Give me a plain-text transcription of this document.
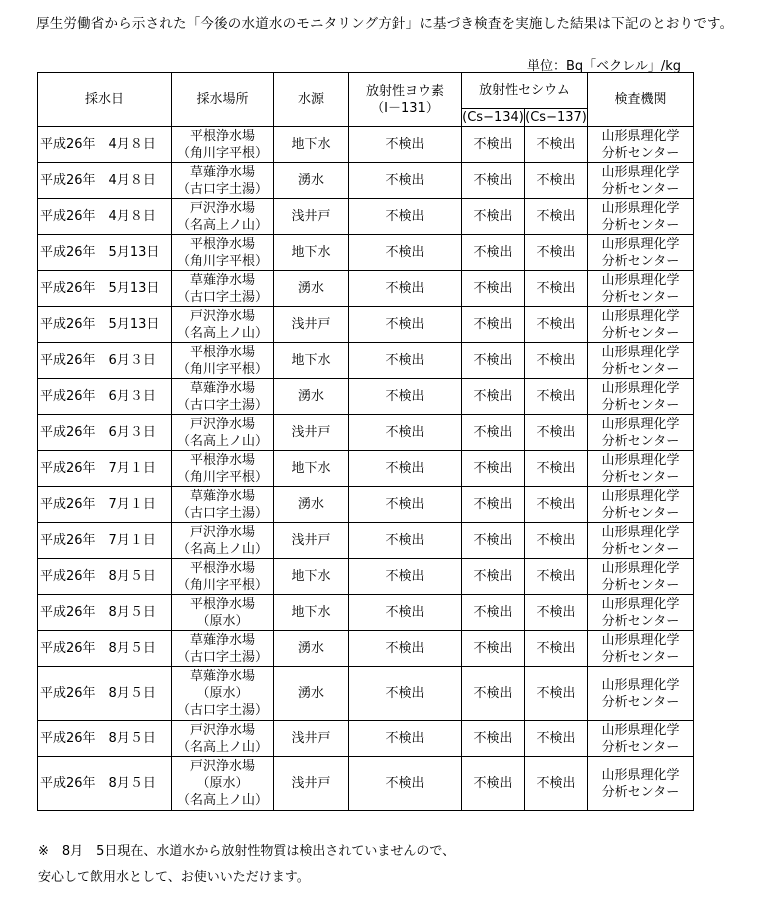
厚生労働省から示された「今後の水道水のモニタリング方針」に基づき検査を実施した結果は下記のとおりです。
単位：Bq「ベクレル」/kg
採水日	採水場所	水源	放射性ヨウ素
（Ⅰ－131）	放射性セシウム		検査機関
				(Cs−134)	(Cs−137)	
平成26年　4月８日	平根浄水場
（角川字平根）	地下水	不検出	不検出	不検出	山形県理化学
分析センター

平成26年　4月８日	草薙浄水場
（古口字土湯）	湧水	不検出	不検出	不検出	山形県理化学
分析センター

平成26年　4月８日	戸沢浄水場
（名高上ノ山）	浅井戸	不検出	不検出	不検出	山形県理化学
分析センター

平成26年　5月13日	平根浄水場
（角川字平根）	地下水	不検出	不検出	不検出	山形県理化学
分析センター

平成26年　5月13日	草薙浄水場
（古口字土湯）	湧水	不検出	不検出	不検出	山形県理化学
分析センター

平成26年　5月13日	戸沢浄水場
（名高上ノ山）	浅井戸	不検出	不検出	不検出	山形県理化学
分析センター

平成26年　6月３日	平根浄水場
（角川字平根）	地下水	不検出	不検出	不検出	山形県理化学
分析センター

平成26年　6月３日	草薙浄水場
（古口字土湯）	湧水	不検出	不検出	不検出	山形県理化学
分析センター

平成26年　6月３日	戸沢浄水場
（名高上ノ山）	浅井戸	不検出	不検出	不検出	山形県理化学
分析センター

平成26年　7月１日	平根浄水場
（角川字平根）	地下水	不検出	不検出	不検出	山形県理化学
分析センター

平成26年　7月１日	草薙浄水場
（古口字土湯）	湧水	不検出	不検出	不検出	山形県理化学
分析センター

平成26年　7月１日	戸沢浄水場
（名高上ノ山）	浅井戸	不検出	不検出	不検出	山形県理化学
分析センター

平成26年　8月５日	平根浄水場
（角川字平根）	地下水	不検出	不検出	不検出	山形県理化学
分析センター

平成26年　8月５日	平根浄水場
（原水）	地下水	不検出	不検出	不検出	山形県理化学
分析センター

平成26年　8月５日	草薙浄水場
（古口字土湯）	湧水	不検出	不検出	不検出	山形県理化学
分析センター

平成26年　8月５日	草薙浄水場
（原水）
（古口字土湯）	湧水	不検出	不検出	不検出	山形県理化学
分析センター

平成26年　8月５日	戸沢浄水場
（名高上ノ山）	浅井戸	不検出	不検出	不検出	山形県理化学
分析センター

平成26年　8月５日	戸沢浄水場
（原水）
（名高上ノ山）	浅井戸	不検出	不検出	不検出	山形県理化学
分析センター
※　8月　5日現在、水道水から放射性物質は検出されていませんので、
安心して飲用水として、お使いいただけます。
